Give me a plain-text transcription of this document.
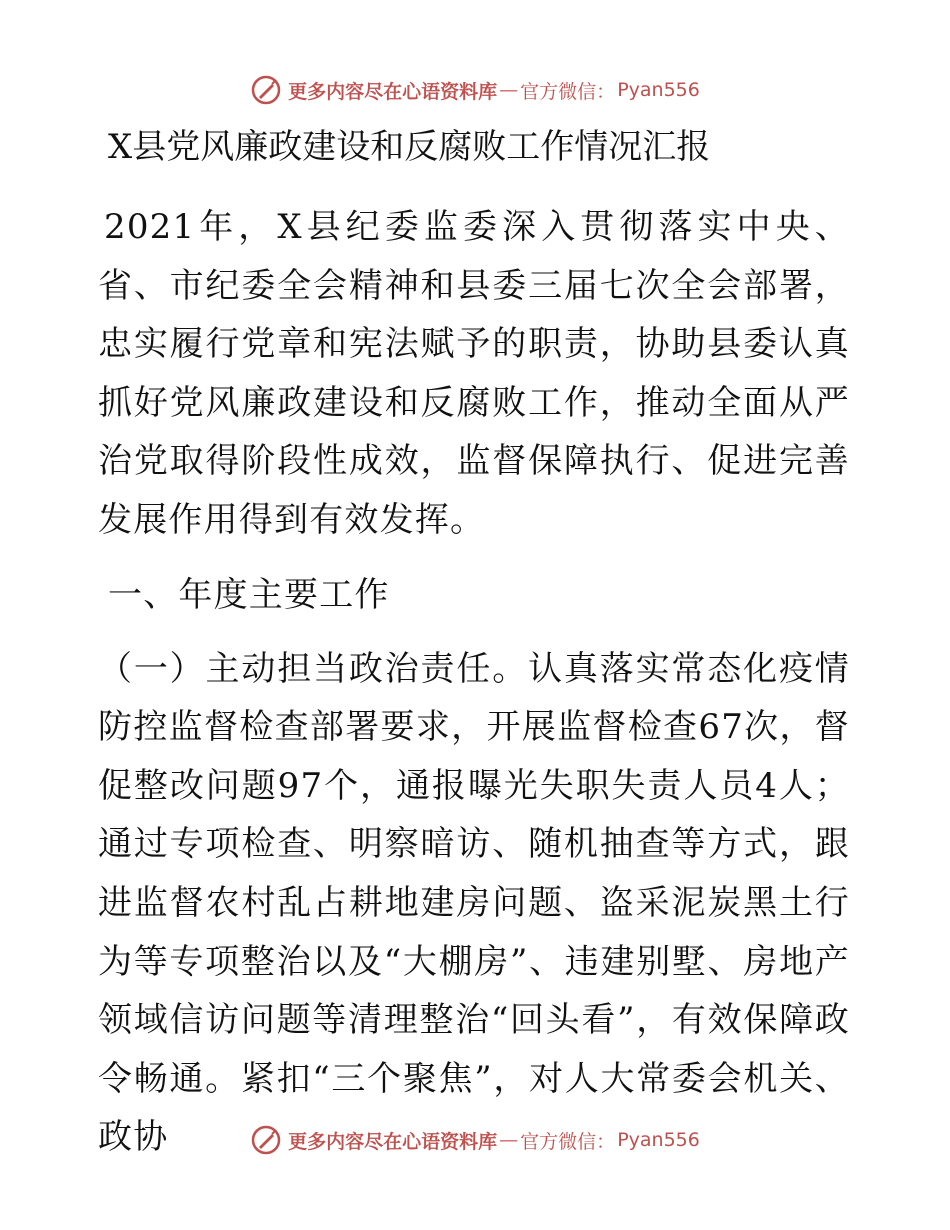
更多内容尽在心语资料库 — 官方微信： Pyan556
X县党风廉政建设和反腐败工作情况汇报

2021年，X县纪委监委深入贯彻落实中央、省、市纪委全会精神和县委三届七次全会部署，忠实履行党章和宪法赋予的职责，协助县委认真抓好党风廉政建设和反腐败工作，推动全面从严治党取得阶段性成效，监督保障执行、促进完善发展作用得到有效发挥。

一、年度主要工作

（一）主动担当政治责任。认真落实常态化疫情防控监督检查部署要求，开展监督检查67次，督促整改问题97个，通报曝光失职失责人员4人；通过专项检查、明察暗访、随机抽查等方式，跟进监督农村乱占耕地建房问题、盗采泥炭黑土行为等专项整治以及“大棚房”、违建别墅、房地产领域信访问题等清理整治“回头看”，有效保障政令畅通。紧扣“三个聚焦”，对人大常委会机关、政协	更多内容尽在心语资料库 — 官方微信： Pyan556
